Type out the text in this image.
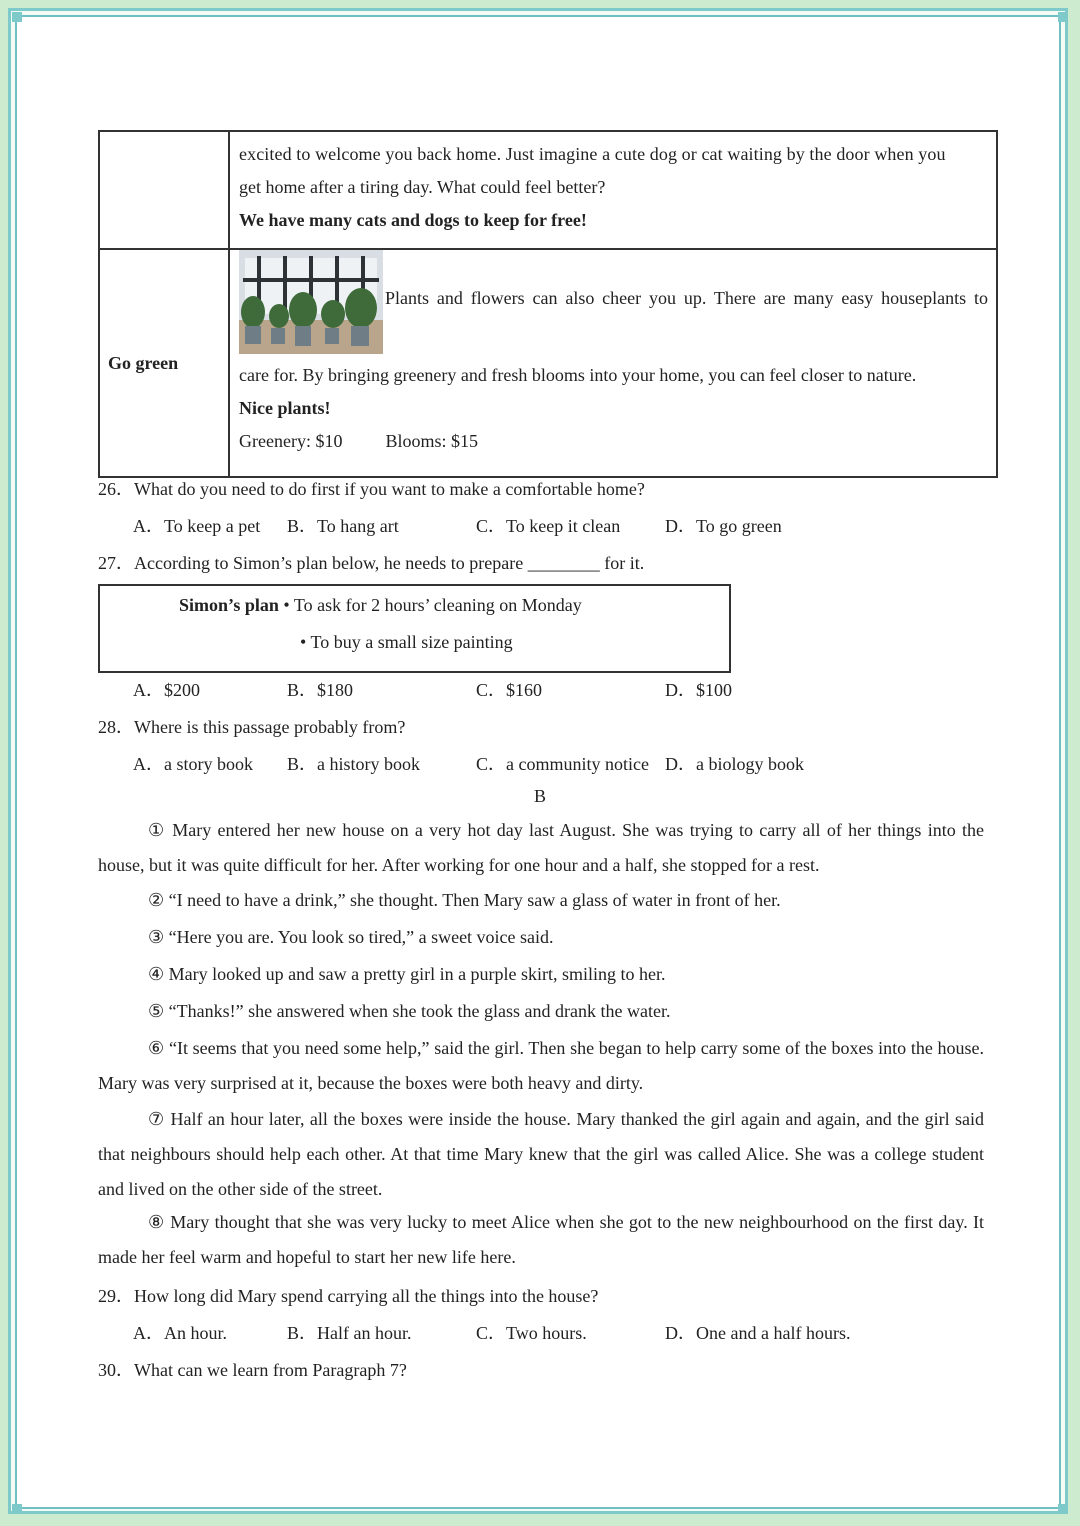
	excited to welcome you back home. Just imagine a cute dog or cat waiting by the door when you
get home after a tiring day. What could feel better?
We have many cats and dogs to keep for free!

Go green	Plants and flowers can also cheer you up. There are many easy houseplants to
care for. By bringing greenery and fresh blooms into your home, you can feel closer to nature.
Nice plants!
Greenery: $10 Blooms: $15
26．What do you need to do first if you want to make a comfortable home?
A．To keep a pet B．To hang art	C．To keep it clean D．To go green
27．According to Simon’s plan below, he needs to prepare ________ for it.
Simon’s plan • To ask for 2 hours’ cleaning on Monday
• To buy a small size painting
A．$200	B．$180	C．$160	D．$100
28．Where is this passage probably from?
A．a story book B．a history book	C．a community notice D．a biology book
B
① Mary entered her new house on a very hot day last August. She was trying to carry all of her things into the house, but it was quite difficult for her. After working for one hour and a half, she stopped for a rest.
② “I need to have a drink,” she thought. Then Mary saw a glass of water in front of her.
③ “Here you are. You look so tired,” a sweet voice said.
④ Mary looked up and saw a pretty girl in a purple skirt, smiling to her.
⑤ “Thanks!” she answered when she took the glass and drank the water.
⑥ “It seems that you need some help,” said the girl. Then she began to help carry some of the boxes into the house. Mary was very surprised at it, because the boxes were both heavy and dirty.
⑦ Half an hour later, all the boxes were inside the house. Mary thanked the girl again and again, and the girl said that neighbours should help each other. At that time Mary knew that the girl was called Alice. She was a college student and lived on the other side of the street.
⑧ Mary thought that she was very lucky to meet Alice when she got to the new neighbourhood on the first day. It made her feel warm and hopeful to start her new life here.
29．How long did Mary spend carrying all the things into the house?
A．An hour.	B．Half an hour.	C．Two hours.	D．One and a half hours.
30．What can we learn from Paragraph 7?
